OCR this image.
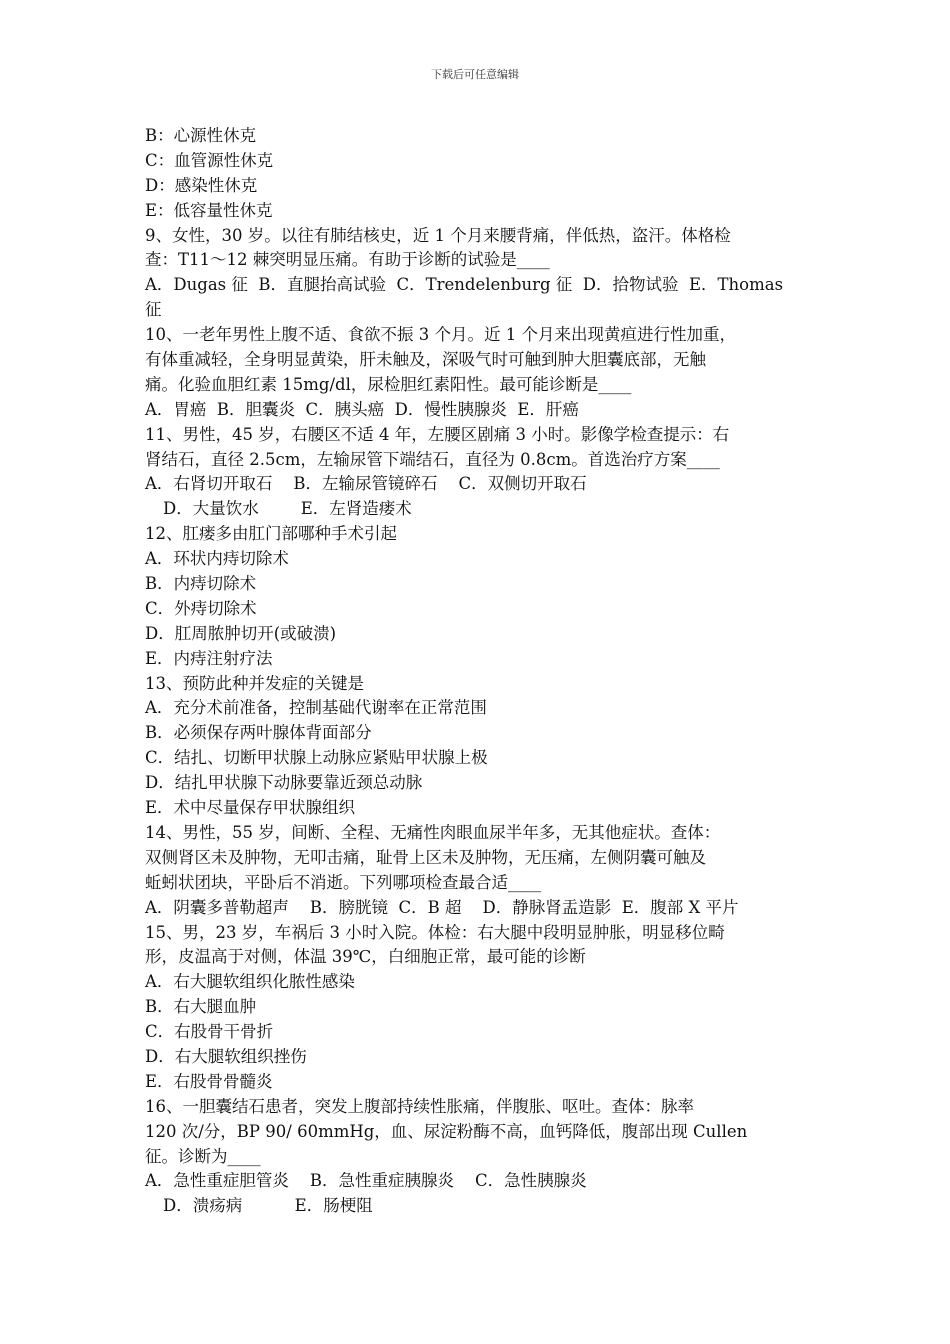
下载后可任意编辑
B：心源性休克
C：血管源性休克
D：感染性休克
E：低容量性休克
9、女性，30 岁。以往有肺结核史，近 1 个月来腰背痛，伴低热，盗汗。体格检
查：T11～12 棘突明显压痛。有助于诊断的试验是____
A．Dugas 征  B．直腿抬高试验  C．Trendelenburg 征  D．拾物试验  E．Thomas
征
10、一老年男性上腹不适、食欲不振 3 个月。近 1 个月来出现黄疸进行性加重，
有体重减轻，全身明显黄染，肝未触及，深吸气时可触到肿大胆囊底部，无触
痛。化验血胆红素 15mg/dl，尿检胆红素阳性。最可能诊断是____
A．胃癌  B．胆囊炎  C．胰头癌  D．慢性胰腺炎  E．肝癌
11、男性，45 岁，右腰区不适 4 年，左腰区剧痛 3 小时。影像学检查提示：右
肾结石，直径 2.5cm，左输尿管下端结石，直径为 0.8cm。首选治疗方案____
A．右肾切开取石    B．左输尿管镜碎石    C．双侧切开取石
D．大量饮水        E．左肾造瘘术
12、肛瘘多由肛门部哪种手术引起
A．环状内痔切除术
B．内痔切除术
C．外痔切除术
D．肛周脓肿切开(或破溃)
E．内痔注射疗法
13、预防此种并发症的关键是
A．充分术前准备，控制基础代谢率在正常范围
B．必须保存两叶腺体背面部分
C．结扎、切断甲状腺上动脉应紧贴甲状腺上极
D．结扎甲状腺下动脉要靠近颈总动脉
E．术中尽量保存甲状腺组织
14、男性，55 岁，间断、全程、无痛性肉眼血尿半年多，无其他症状。查体：
双侧肾区未及肿物，无叩击痛，耻骨上区未及肿物，无压痛，左侧阴囊可触及
蚯蚓状团块，平卧后不消逝。下列哪项检查最合适____
A．阴囊多普勒超声    B．膀胱镜  C．B 超    D．静脉肾盂造影  E．腹部 X 平片
15、男，23 岁，车祸后 3 小时入院。体检：右大腿中段明显肿胀，明显移位畸
形，皮温高于对侧，体温 39℃，白细胞正常，最可能的诊断
A．右大腿软组织化脓性感染
B．右大腿血肿
C．右股骨干骨折
D．右大腿软组织挫伤
E．右股骨骨髓炎
16、一胆囊结石患者，突发上腹部持续性胀痛，伴腹胀、呕吐。查体：脉率
120 次/分，BP 90/ 60mmHg，血、尿淀粉酶不高，血钙降低，腹部出现 Cullen
征。诊断为____
A．急性重症胆管炎    B．急性重症胰腺炎    C．急性胰腺炎
D．溃疡病          E．肠梗阻
